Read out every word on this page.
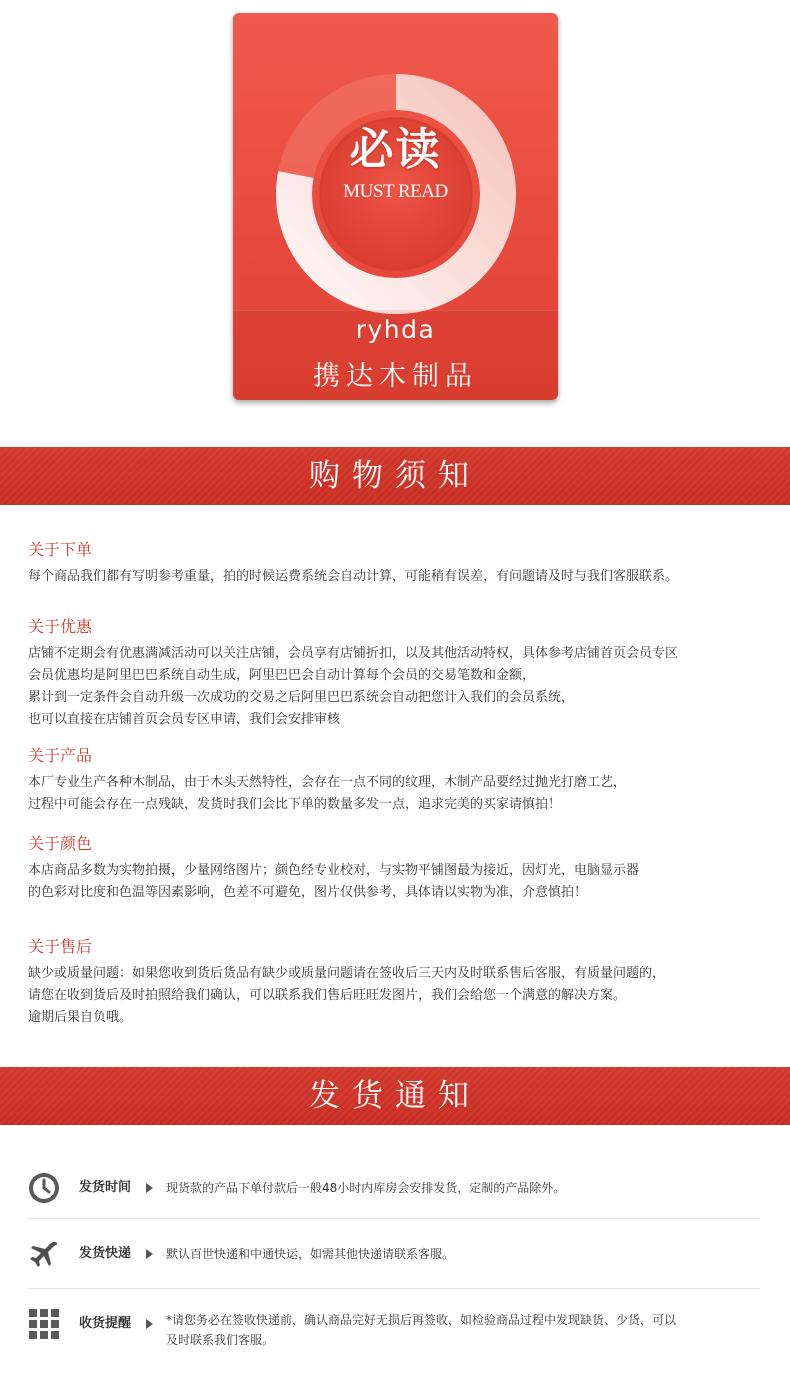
必读
MUST READ
ryhda
携达木制品
购物须知

关于下单

每个商品我们都有写明参考重量，拍的时候运费系统会自动计算，可能稍有误差，有问题请及时与我们客服联系。

关于优惠

店铺不定期会有优惠满减活动可以关注店铺，会员享有店铺折扣，以及其他活动特权，具体参考店铺首页会员专区

会员优惠均是阿里巴巴系统自动生成，阿里巴巴会自动计算每个会员的交易笔数和金额，

累计到一定条件会自动升级一次成功的交易之后阿里巴巴系统会自动把您计入我们的会员系统，

也可以直接在店铺首页会员专区申请，我们会安排审核

关于产品

本厂专业生产各种木制品，由于木头天然特性，会存在一点不同的纹理，木制产品要经过抛光打磨工艺，

过程中可能会存在一点残缺，发货时我们会比下单的数量多发一点，追求完美的买家请慎拍！

关于颜色

本店商品多数为实物拍摄，少量网络图片；颜色经专业校对，与实物平铺图最为接近，因灯光，电脑显示器

的色彩对比度和色温等因素影响，色差不可避免，图片仅供参考，具体请以实物为准，介意慎拍！

关于售后

缺少或质量问题：如果您收到货后货品有缺少或质量问题请在签收后三天内及时联系售后客服，有质量问题的，

请您在收到货后及时拍照给我们确认，可以联系我们售后旺旺发图片，我们会给您一个满意的解决方案。

逾期后果自负哦。

发货通知
发货时间	现货款的产品下单付款后一般48小时内库房会安排发货，定制的产品除外。
发货快递	默认百世快递和中通快运，如需其他快递请联系客服。
收货提醒	*请您务必在签收快递前，确认商品完好无损后再签收，如检验商品过程中发现缺货、少货，可以
及时联系我们客服。
